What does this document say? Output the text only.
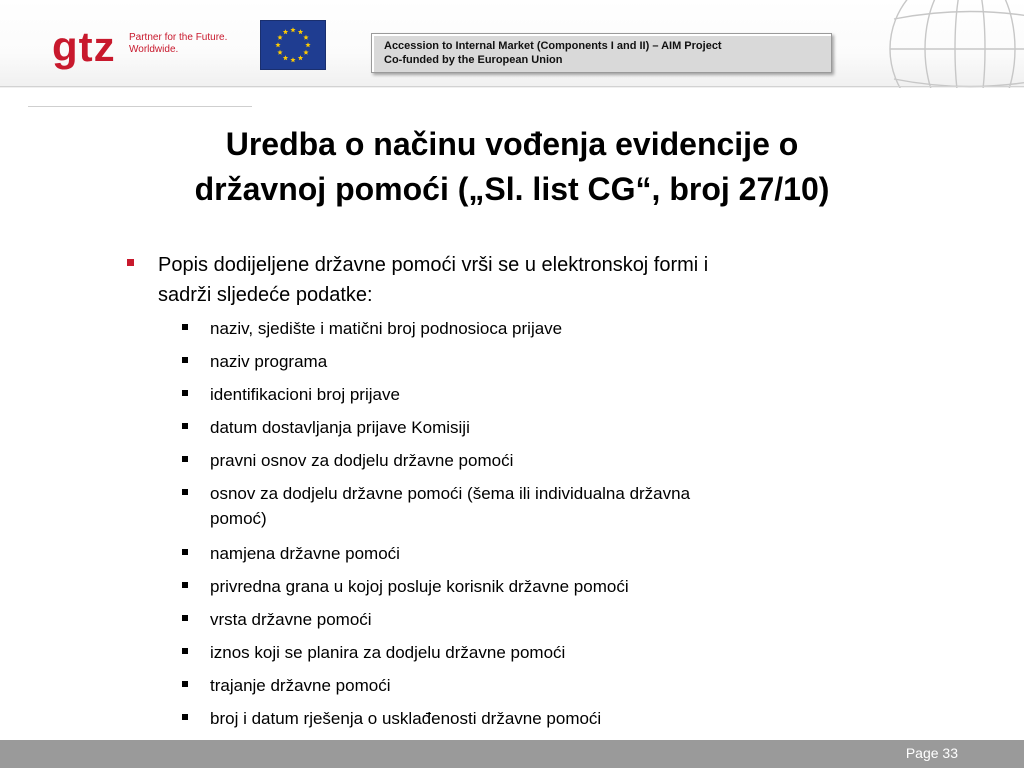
gtz Partner for the Future.
Worldwide.	Accession to Internal Market (Components I and II) – AIM Project
Co-funded by the European Union
Uredba o načinu vođenja evidencije o
državnoj pomoći („Sl. list CG“, broj 27/10)
Popis dodijeljene državne pomoći vrši se u elektronskoj formi i
sadrži sljedeće podatke:
naziv, sjedište i matični broj podnosioca prijave
naziv programa
identifikacioni broj prijave
datum dostavljanja prijave Komisiji
pravni osnov za dodjelu državne pomoći
osnov za dodjelu državne pomoći (šema ili individualna državna
pomoć)
namjena državne pomoći
privredna grana u kojoj posluje korisnik državne pomoći
vrsta državne pomoći
iznos koji se planira za dodjelu državne pomoći
trajanje državne pomoći
broj i datum rješenja o usklađenosti državne pomoći
Page 33
